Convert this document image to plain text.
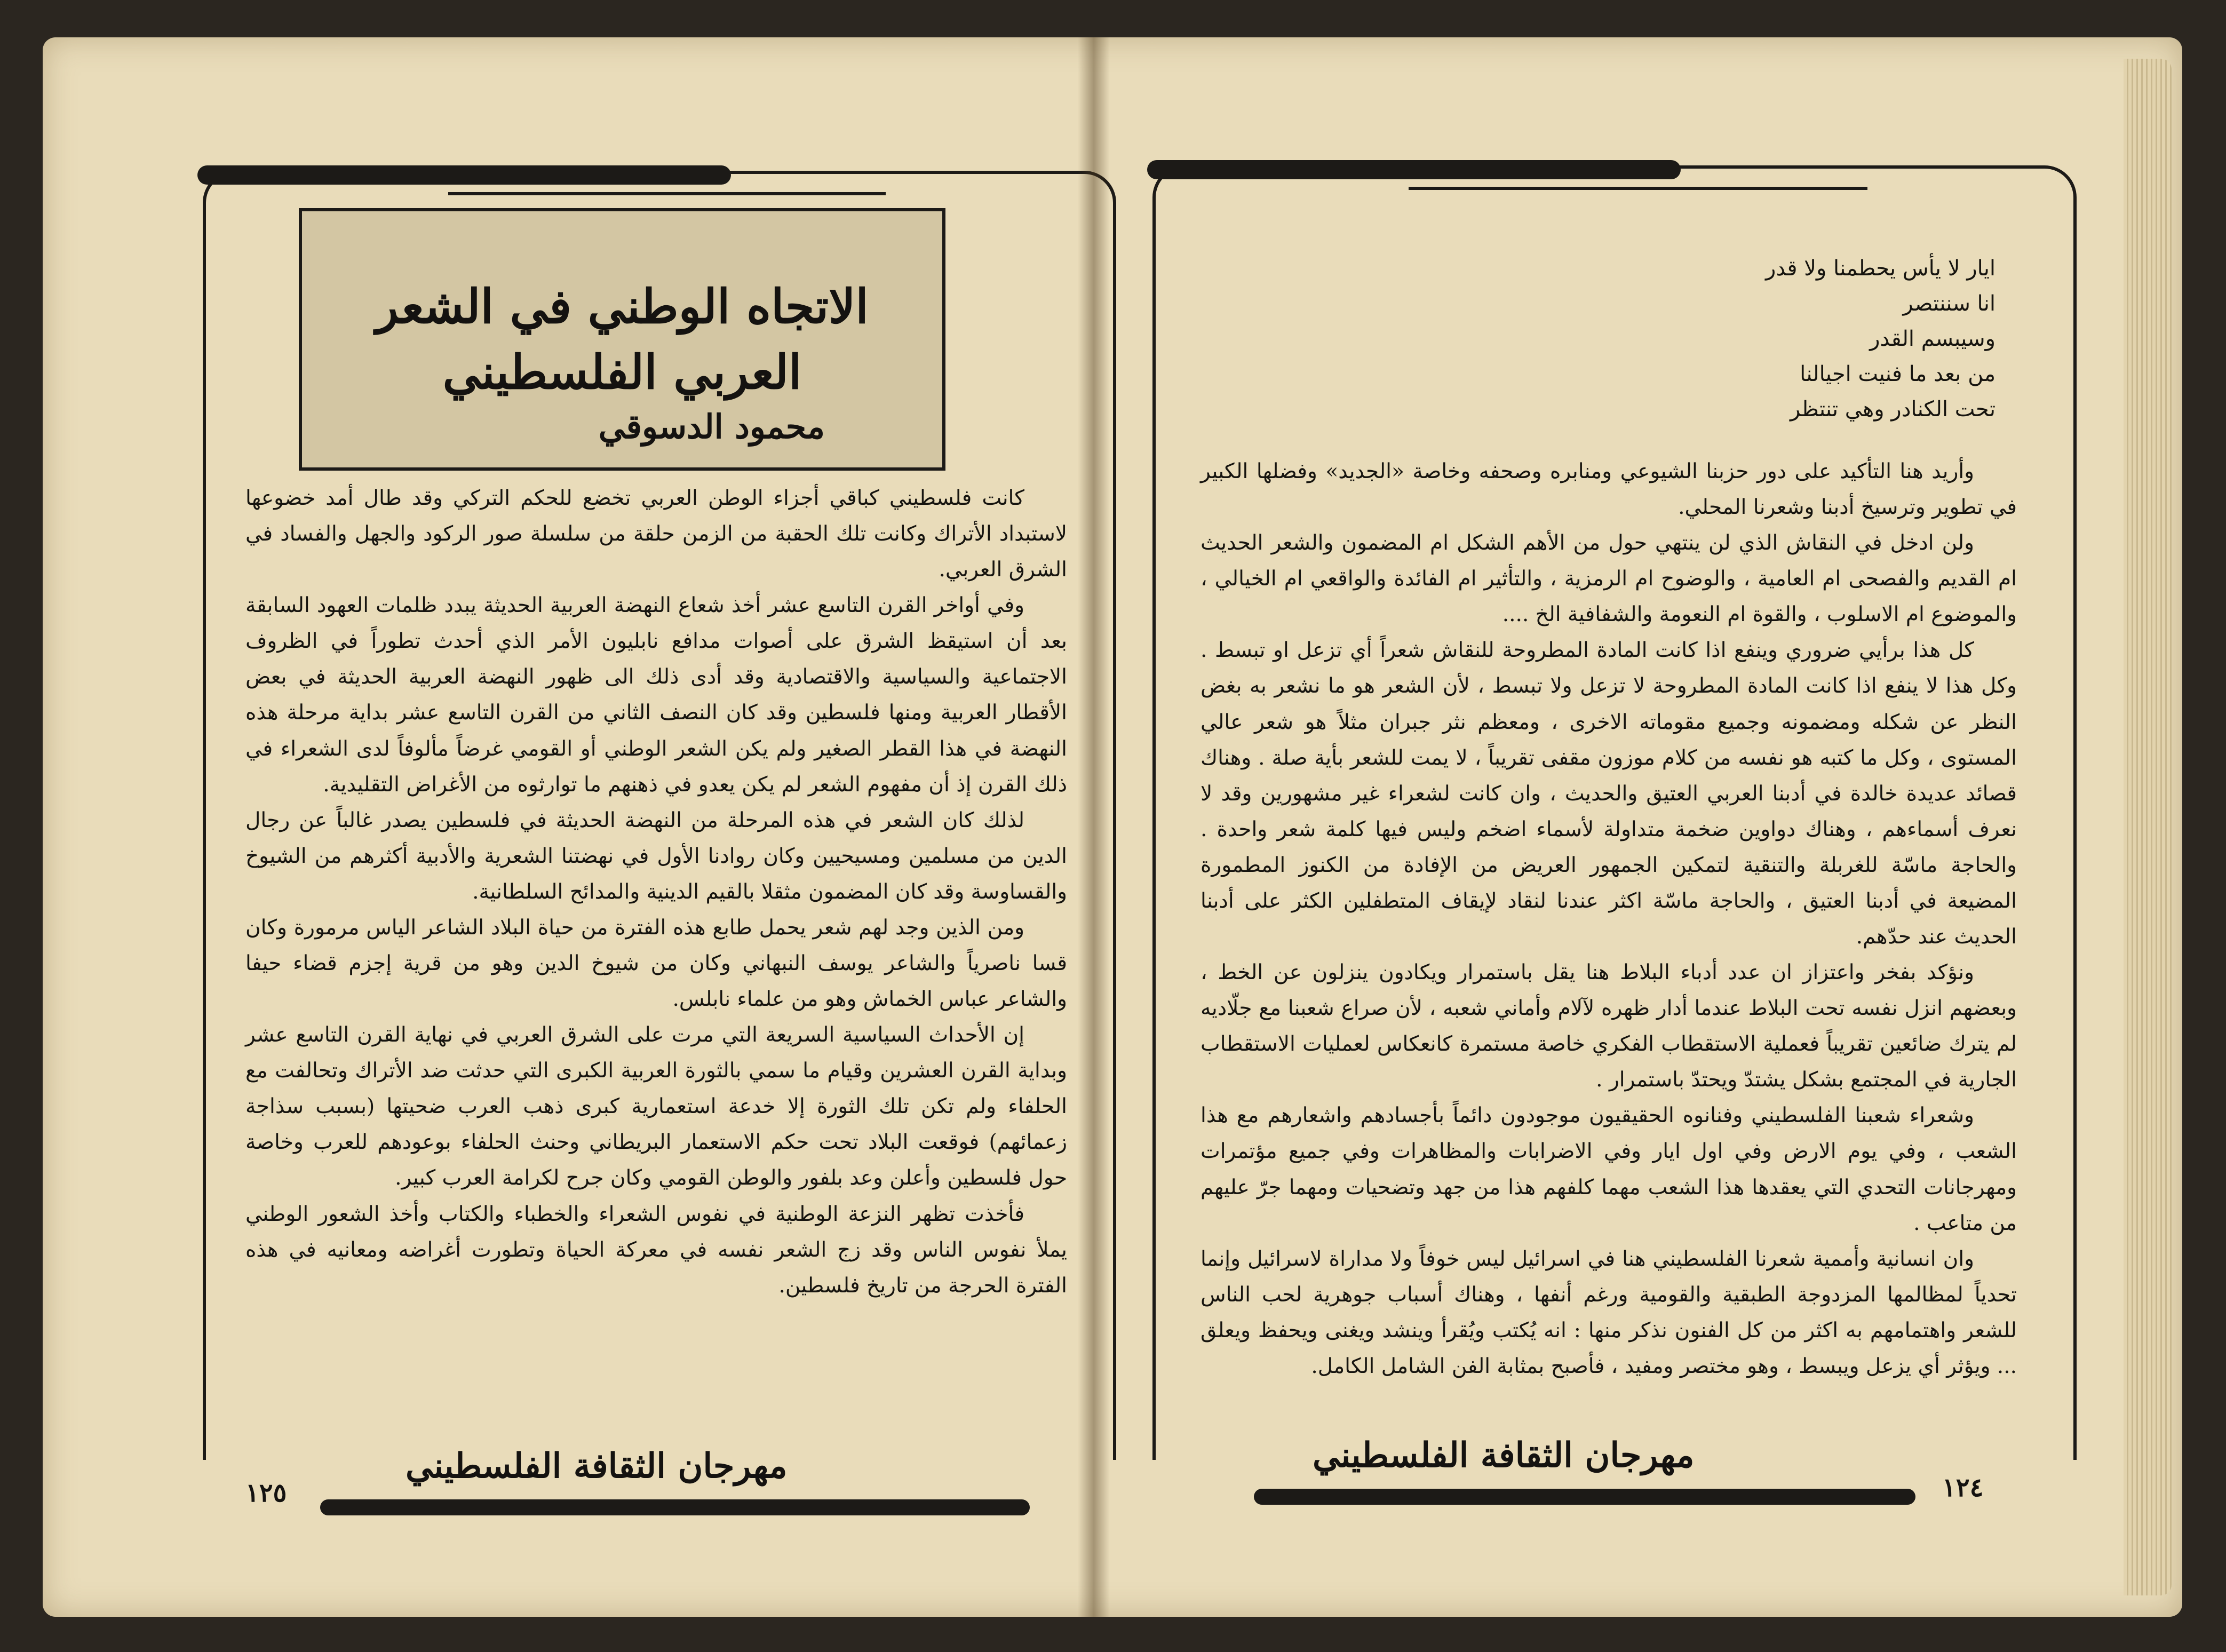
الاتجاه الوطني في الشعر
العربي الفلسطيني
محمود الدسوقي

كانت فلسطيني كباقي أجزاء الوطن العربي تخضع للحكم التركي وقد طال أمد خضوعها لاستبداد الأتراك وكانت تلك الحقبة من الزمن حلقة من سلسلة صور الركود والجهل والفساد في الشرق العربي.

وفي أواخر القرن التاسع عشر أخذ شعاع النهضة العربية الحديثة يبدد ظلمات العهود السابقة بعد أن استيقظ الشرق على أصوات مدافع نابليون الأمر الذي أحدث تطوراً في الظروف الاجتماعية والسياسية والاقتصادية وقد أدى ذلك الى ظهور النهضة العربية الحديثة في بعض الأقطار العربية ومنها فلسطين وقد كان النصف الثاني من القرن التاسع عشر بداية مرحلة هذه النهضة في هذا القطر الصغير ولم يكن الشعر الوطني أو القومي غرضاً مألوفاً لدى الشعراء في ذلك القرن إذ أن مفهوم الشعر لم يكن يعدو في ذهنهم ما توارثوه من الأغراض التقليدية.

لذلك كان الشعر في هذه المرحلة من النهضة الحديثة في فلسطين يصدر غالباً عن رجال الدين من مسلمين ومسيحيين وكان روادنا الأول في نهضتنا الشعرية والأدبية أكثرهم من الشيوخ والقساوسة وقد كان المضمون مثقلا بالقيم الدينية والمدائح السلطانية.

ومن الذين وجد لهم شعر يحمل طابع هذه الفترة من حياة البلاد الشاعر الياس مرمورة وكان قسا ناصرياً والشاعر يوسف النبهاني وكان من شيوخ الدين وهو من قرية إجزم قضاء حيفا والشاعر عباس الخماش وهو من علماء نابلس.

إن الأحداث السياسية السريعة التي مرت على الشرق العربي في نهاية القرن التاسع عشر وبداية القرن العشرين وقيام ما سمي بالثورة العربية الكبرى التي حدثت ضد الأتراك وتحالفت مع الحلفاء ولم تكن تلك الثورة إلا خدعة استعمارية كبرى ذهب العرب ضحيتها (بسبب سذاجة زعمائهم) فوقعت البلاد تحت حكم الاستعمار البريطاني وحنث الحلفاء بوعودهم للعرب وخاصة حول فلسطين وأعلن وعد بلفور والوطن القومي وكان جرح لكرامة العرب كبير.

فأخذت تظهر النزعة الوطنية في نفوس الشعراء والخطباء والكتاب وأخذ الشعور الوطني يملأ نفوس الناس وقد زج الشعر نفسه في معركة الحياة وتطورت أغراضه ومعانيه في هذه الفترة الحرجة من تاريخ فلسطين.

مهرجان الثقافة الفلسطيني
١٢٥
ايار لا يأس يحطمنا ولا قدر
انا سننتصر
وسيبسم القدر
من بعد ما فنيت اجيالنا
تحت الكنادر وهي تنتظر

وأريد هنا التأكيد على دور حزبنا الشيوعي ومنابره وصحفه وخاصة «الجديد» وفضلها الكبير في تطوير وترسيخ أدبنا وشعرنا المحلي.

ولن ادخل في النقاش الذي لن ينتهي حول من الأهم الشكل ام المضمون والشعر الحديث ام القديم والفصحى ام العامية ، والوضوح ام الرمزية ، والتأثير ام الفائدة والواقعي ام الخيالي ، والموضوع ام الاسلوب ، والقوة ام النعومة والشفافية الخ ....

كل هذا برأيي ضروري وينفع اذا كانت المادة المطروحة للنقاش شعراً أي تزعل او تبسط . وكل هذا لا ينفع اذا كانت المادة المطروحة لا تزعل ولا تبسط ، لأن الشعر هو ما نشعر به بغض النظر عن شكله ومضمونه وجميع مقوماته الاخرى ، ومعظم نثر جبران مثلاً هو شعر عالي المستوى ، وكل ما كتبه هو نفسه من كلام موزون مقفى تقريباً ، لا يمت للشعر بأية صلة . وهناك قصائد عديدة خالدة في أدبنا العربي العتيق والحديث ، وان كانت لشعراء غير مشهورين وقد لا نعرف أسماءهم ، وهناك دواوين ضخمة متداولة لأسماء اضخم وليس فيها كلمة شعر واحدة . والحاجة ماسّة للغربلة والتنقية لتمكين الجمهور العريض من الإفادة من الكنوز المطمورة المضيعة في أدبنا العتيق ، والحاجة ماسّة اكثر عندنا لنقاد لإيقاف المتطفلين الكثر على أدبنا الحديث عند حدّهم.

ونؤكد بفخر واعتزاز ان عدد أدباء البلاط هنا يقل باستمرار ويكادون ينزلون عن الخط ، وبعضهم انزل نفسه تحت البلاط عندما أدار ظهره لآلام وأماني شعبه ، لأن صراع شعبنا مع جلّاديه لم يترك ضائعين تقريباً فعملية الاستقطاب الفكري خاصة مستمرة كانعكاس لعمليات الاستقطاب الجارية في المجتمع بشكل يشتدّ ويحتدّ باستمرار .

وشعراء شعبنا الفلسطيني وفنانوه الحقيقيون موجودون دائماً بأجسادهم واشعارهم مع هذا الشعب ، وفي يوم الارض وفي اول ايار وفي الاضرابات والمظاهرات وفي جميع مؤتمرات ومهرجانات التحدي التي يعقدها هذا الشعب مهما كلفهم هذا من جهد وتضحيات ومهما جرّ عليهم من متاعب .

وان انسانية وأممية شعرنا الفلسطيني هنا في اسرائيل ليس خوفاً ولا مداراة لاسرائيل وإنما تحدياً لمظالمها المزدوجة الطبقية والقومية ورغم أنفها ، وهناك أسباب جوهرية لحب الناس للشعر واهتمامهم به اكثر من كل الفنون نذكر منها : انه يُكتب ويُقرأ وينشد ويغنى ويحفظ ويعلق ... ويؤثر أي يزعل ويبسط ، وهو مختصر ومفيد ، فأصبح بمثابة الفن الشامل الكامل.

مهرجان الثقافة الفلسطيني
١٢٤
